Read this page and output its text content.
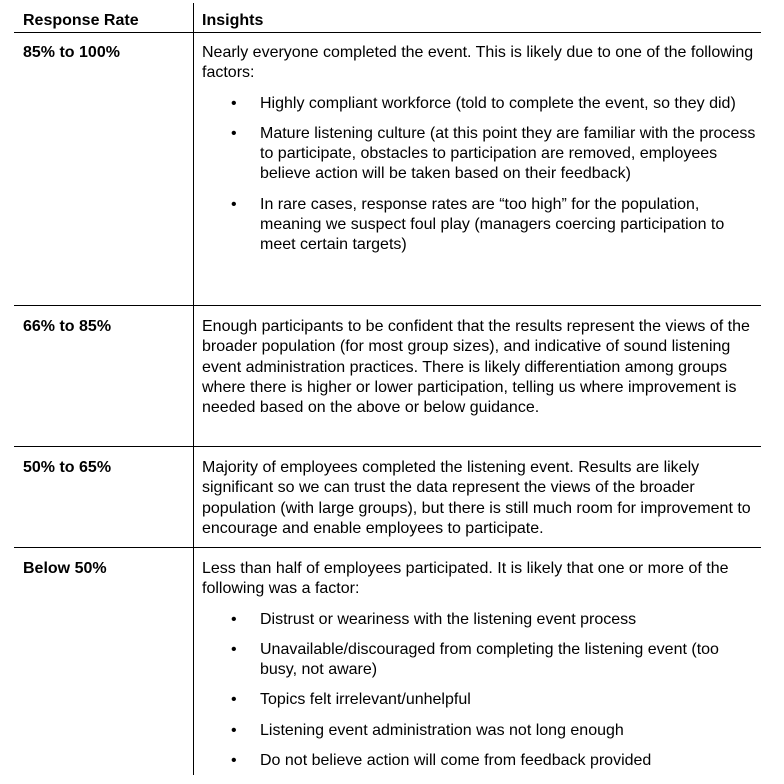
Response Rate	Insights
85% to 100%	Nearly everyone completed the event. This is likely due to one of the following factors:

• Highly compliant workforce (told to complete the event, so they did)
• Mature listening culture (at this point they are familiar with the process to participate, obstacles to participation are removed, employees believe action will be taken based on their feedback)
• In rare cases, response rates are “too high” for the population, meaning we suspect foul play (managers coercing participation to meet certain targets)
66% to 85%	Enough participants to be confident that the results represent the views of the broader population (for most group sizes), and indicative of sound listening event administration practices. There is likely differentiation among groups where there is higher or lower participation, telling us where improvement is needed based on the above or below guidance.

50% to 65%	Majority of employees completed the listening event. Results are likely significant so we can trust the data represent the views of the broader population (with large groups), but there is still much room for improvement to encourage and enable employees to participate.

Below 50%	Less than half of employees participated. It is likely that one or more of the following was a factor:

• Distrust or weariness with the listening event process
• Unavailable/discouraged from completing the listening event (too busy, not aware)
• Topics felt irrelevant/unhelpful
• Listening event administration was not long enough
• Do not believe action will come from feedback provided
